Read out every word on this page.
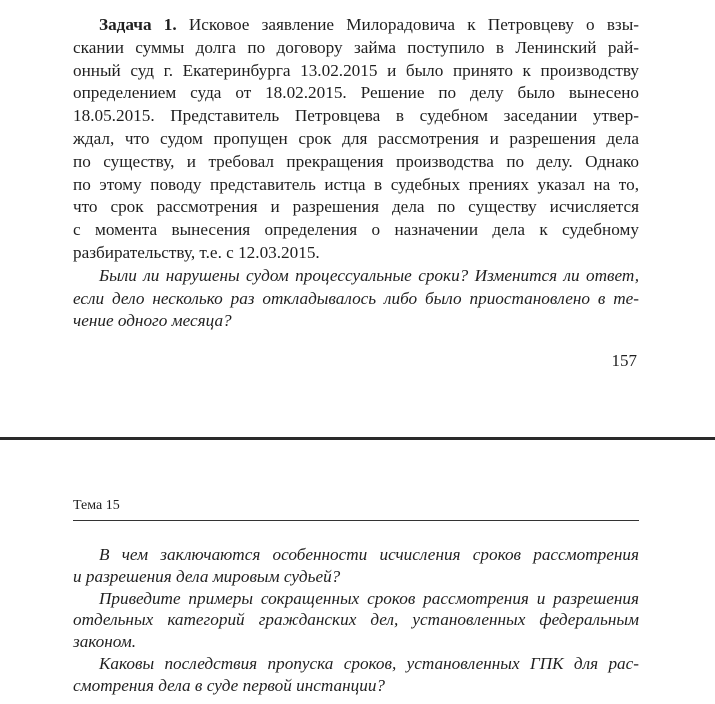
Задача 1. Исковое заявление Милорадовича к Петровцеву о взы-
скании суммы долга по договору займа поступило в Ленинский рай-
онный суд г. Екатеринбурга 13.02.2015 и было принято к производству
определением суда от 18.02.2015. Решение по делу было вынесено
18.05.2015. Представитель Петровцева в судебном заседании утвер-
ждал, что судом пропущен срок для рассмотрения и разрешения дела
по существу, и требовал прекращения производства по делу. Однако
по этому поводу представитель истца в судебных прениях указал на то,
что срок рассмотрения и разрешения дела по существу исчисляется
с момента вынесения определения о назначении дела к судебному
разбирательству, т.е. с 12.03.2015.
Были ли нарушены судом процессуальные сроки? Изменится ли ответ,
если дело несколько раз откладывалось либо было приостановлено в те-
чение одного месяца?
157
Тема 15
В чем заключаются особенности исчисления сроков рассмотрения
и разрешения дела мировым судьей?
Приведите примеры сокращенных сроков рассмотрения и разрешения
отдельных категорий гражданских дел, установленных федеральным
законом.
Каковы последствия пропуска сроков, установленных ГПК для рас-
смотрения дела в суде первой инстанции?
